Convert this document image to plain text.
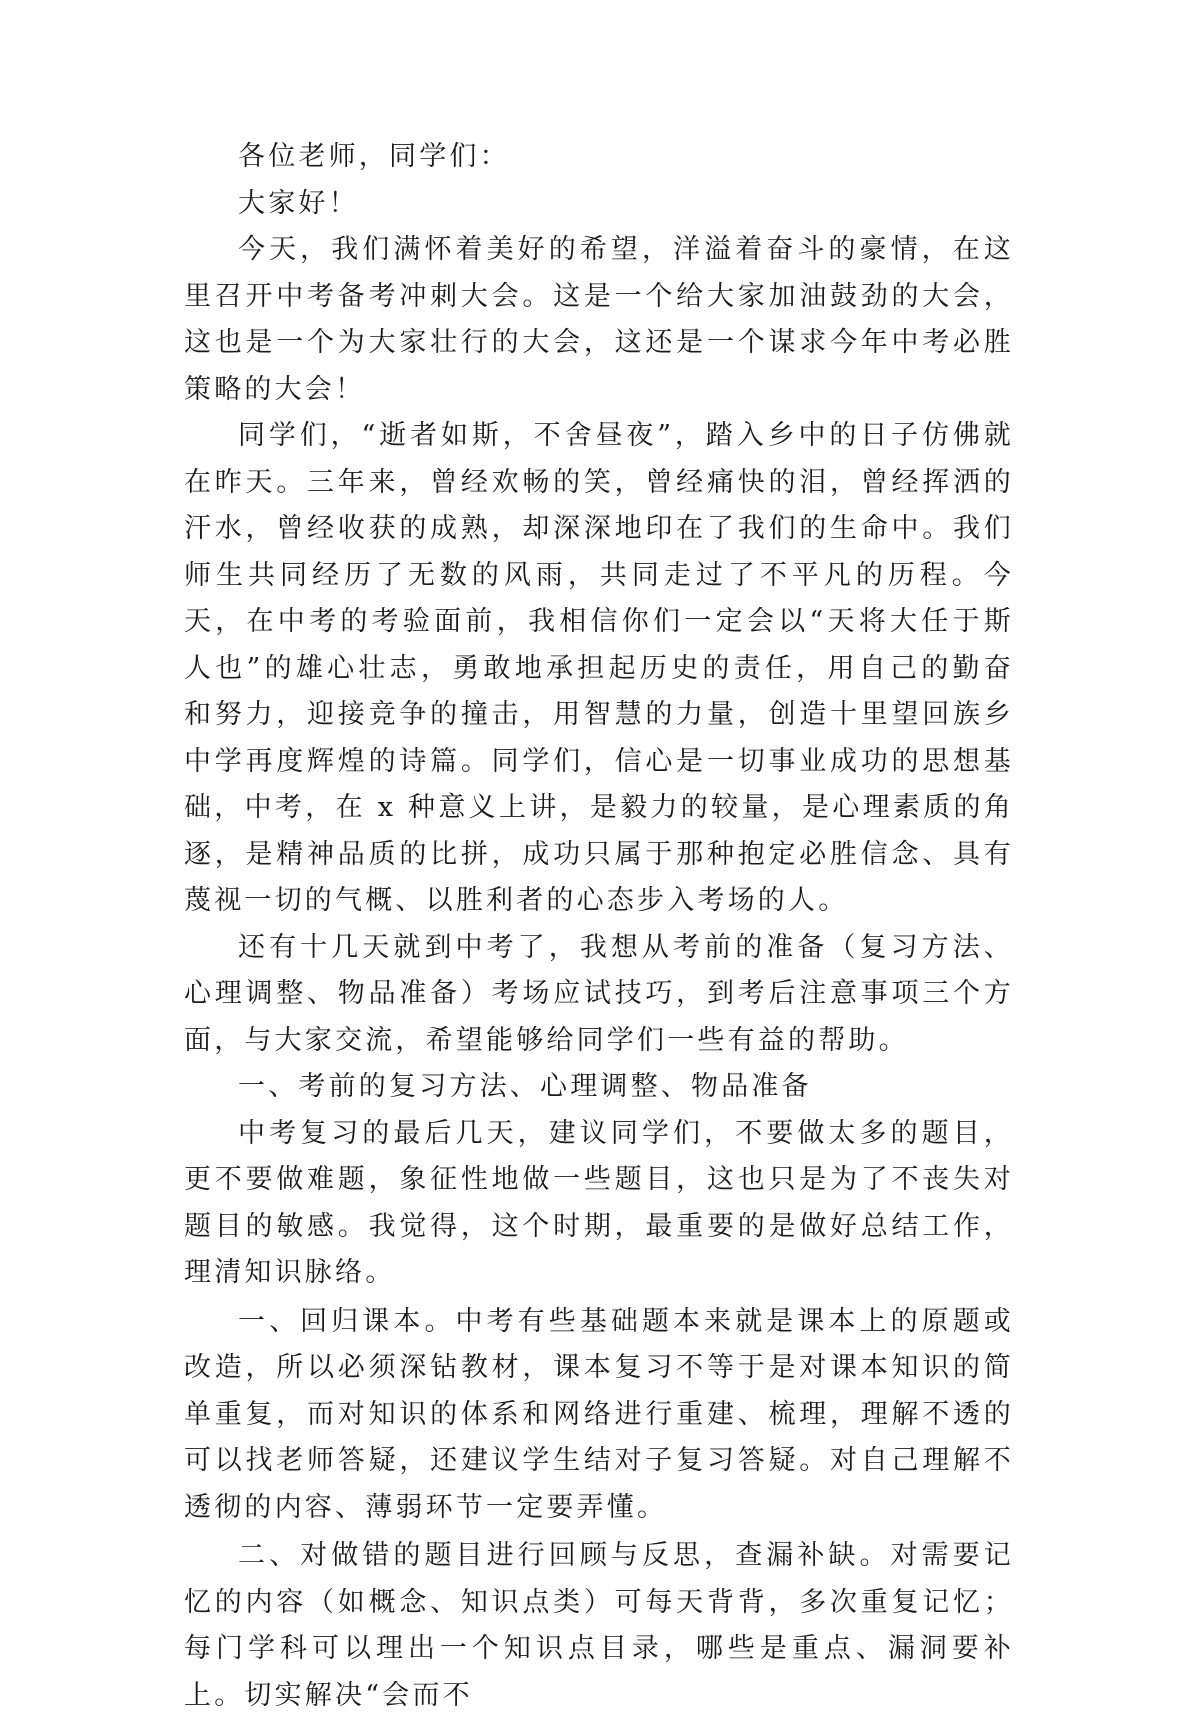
各位老师，同学们：

大家好！

今天，我们满怀着美好的希望，洋溢着奋斗的豪情，在这里召开中考备考冲刺大会。这是一个给大家加油鼓劲的大会，这也是一个为大家壮行的大会，这还是一个谋求今年中考必胜策略的大会！

同学们，“逝者如斯，不舍昼夜”，踏入乡中的日子仿佛就在昨天。三年来，曾经欢畅的笑，曾经痛快的泪，曾经挥洒的汗水，曾经收获的成熟，却深深地印在了我们的生命中。我们师生共同经历了无数的风雨，共同走过了不平凡的历程。今天，在中考的考验面前，我相信你们一定会以“天将大任于斯人也”的雄心壮志，勇敢地承担起历史的责任，用自己的勤奋和努力，迎接竞争的撞击，用智慧的力量，创造十里望回族乡中学再度辉煌的诗篇。同学们，信心是一切事业成功的思想基础，中考，在 x 种意义上讲，是毅力的较量，是心理素质的角逐，是精神品质的比拼，成功只属于那种抱定必胜信念、具有蔑视一切的气概、以胜利者的心态步入考场的人。

还有十几天就到中考了，我想从考前的准备（复习方法、心理调整、物品准备）考场应试技巧，到考后注意事项三个方面，与大家交流，希望能够给同学们一些有益的帮助。

一、考前的复习方法、心理调整、物品准备

中考复习的最后几天，建议同学们，不要做太多的题目，更不要做难题，象征性地做一些题目，这也只是为了不丧失对题目的敏感。我觉得，这个时期，最重要的是做好总结工作，理清知识脉络。

一、回归课本。中考有些基础题本来就是课本上的原题或改造，所以必须深钻教材，课本复习不等于是对课本知识的简单重复，而对知识的体系和网络进行重建、梳理，理解不透的可以找老师答疑，还建议学生结对子复习答疑。对自己理解不透彻的内容、薄弱环节一定要弄懂。

二、对做错的题目进行回顾与反思，查漏补缺。对需要记忆的内容（如概念、知识点类）可每天背背，多次重复记忆；每门学科可以理出一个知识点目录，哪些是重点、漏洞要补上。切实解决“会而不
